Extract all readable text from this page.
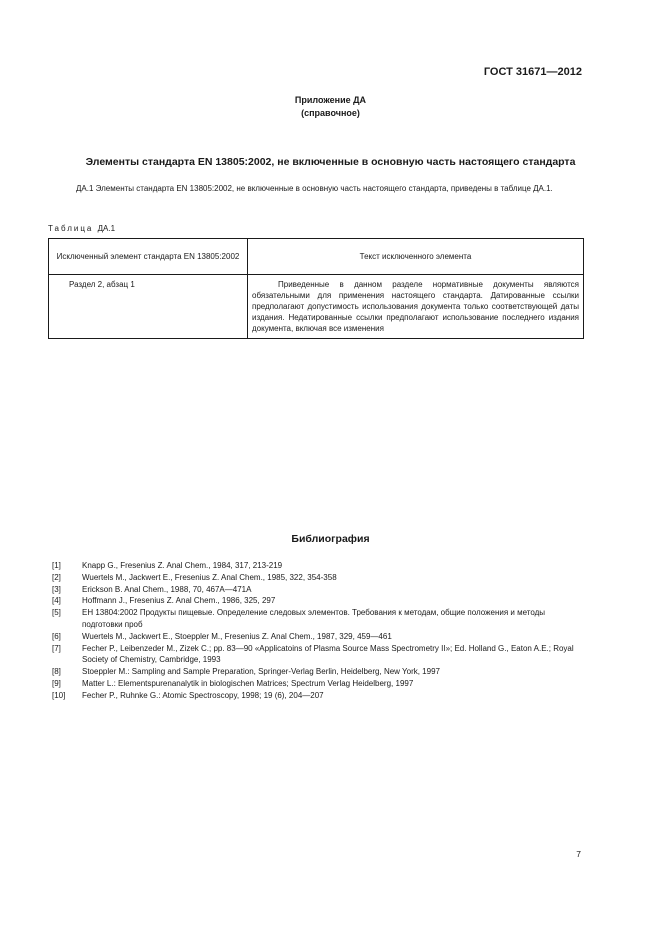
ГОСТ 31671—2012
Приложение ДА
(справочное)
Элементы стандарта EN 13805:2002, не включенные в основную часть настоящего стандарта
ДА.1 Элементы стандарта EN 13805:2002, не включенные в основную часть настоящего стандарта, приведены в таблице ДА.1.
Таблица ДА.1
Исключенный элемент стандарта EN 13805:2002	Текст исключенного элемента
Раздел 2, абзац 1	Приведенные в данном разделе нормативные документы являются обязательными для применения настоящего стандарта. Датированные ссылки предполагают допустимость использования документа только соответствующей даты издания. Недатированные ссылки предполагают использование последнего издания документа, включая все изменения
Библиография
[1]	Knapp G., Fresenius Z. Anal Chem., 1984, 317, 213-219
[2]	Wuertels M., Jackwert E., Fresenius Z. Anal Chem., 1985, 322, 354-358
[3]	Erickson B. Anal Chem., 1988, 70, 467A—471A
[4]	Hoffmann J., Fresenius Z. Anal Chem., 1986, 325, 297
[5]	ЕН 13804:2002 Продукты пищевые. Определение следовых элементов. Требования к методам, общие положения и методы подготовки проб
[6]	Wuertels M., Jackwert E., Stoeppler M., Fresenius Z. Anal Chem., 1987, 329, 459—461
[7]	Fecher P., Leibenzeder M., Zizek C.; pp. 83—90 «Applicatoins of Plasma Source Mass Spectrometry II»; Ed. Holland G., Eaton A.E.; Royal Society of Chemistry, Cambridge, 1993
[8]	Stoeppler M.: Sampling and Sample Preparation, Springer-Verlag Berlin, Heidelberg, New York, 1997
[9]	Matter L.: Elementspurenanalytik in biologischen Matrices; Spectrum Verlag Heidelberg, 1997
[10] Fecher P., Ruhnke G.: Atomic Spectroscopy, 1998; 19 (6), 204—207
7
